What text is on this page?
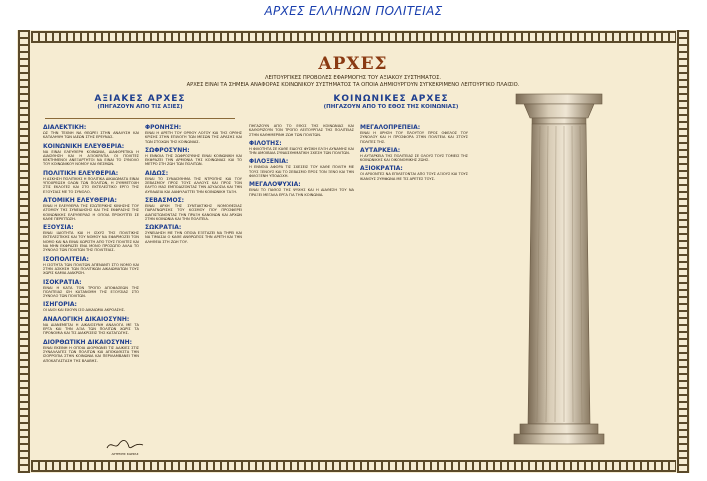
ΑΡΧΕΣ ΕΛΛΗΝΩΝ ΠΟΛΙΤΕΙΑΣ
ΑΡΧΕΣ
ΛΕΙΤΟΥΡΓΙΚΕΣ ΠΡΟΒΟΛΕΣ ΕΦΑΡΜΟΓΗΣ ΤΟΥ ΑΞΙΑΚΟΥ ΣΥΣΤΗΜΑΤΟΣ.
ΑΡΧΕΣ ΕΙΝΑΙ ΤΑ ΣΗΜΕΙΑ ΑΝΑΦΟΡΑΣ ΚΟΙΝΩΝΙΚΟΥ ΣΥΣΤΗΜΑΤΟΣ ΤΑ ΟΠΟΙΑ ΔΗΜΙΟΥΡΓΟΥΝ ΣΥΓΚΕΚΡΙΜΕΝΟ ΛΕΙΤΟΥΡΓΙΚΟ ΠΛΑΙΣΙΟ.
ΑΞΙΑΚΕΣ ΑΡΧΕΣ
(ΠΗΓΑΖΟΥΝ ΑΠΟ ΤΙΣ ΑΞΙΕΣ)
ΚΟΙΝΩΝΙΚΕΣ ΑΡΧΕΣ
(ΠΗΓΑΖΟΥΝ ΑΠΟ ΤΟ ΕΘΟΣ ΤΗΣ ΚΟΙΝΩΝΙΑΣ)
ΔΙΑΛΕΚΤΙΚΗ:
ΩΣ ΤΗΝ ΤΕΧΝΗ ΝΑ ΘΕΩΡΕΙ ΣΤΗΝ ΑΝΑΛΥΣΗ ΚΑΙ ΚΑΤΑΛΗΨΗ ΤΩΝ ΙΔΕΩΝ ΣΤΗΣ ΕΡΕΥΝΑΣ.
ΚΟΙΝΩΝΙΚΗ ΕΛΕΥΘΕΡΙΑ:
ΝΑ ΕΙΝΑΙ ΕΛΕΥΘΕΡΗ ΚΟΙΝΩΝΙΑ, ΔΙΑΦΟΡΕΤΙΚΑ Η ΔΙΑΙΣΘΗΣΗ ΚΑΙ Η ΑΞΙΟΚΡΑΤΙΑ ΟΙ ΠΟΛΙΤΕΣ ΚΕΚΤΗΜΕΝΟΙ ΑΝΕΞΑΡΤΗΤΟΙ ΝΑ ΕΙΝΑΙ ΤΟ ΣΥΝΟΛΟ ΤΟΥ ΚΟΙΝΩΝΙΚΟΥ ΝΟΜΟΥ ΚΑΙ ΘΕΣΜΩΝ.
ΠΟΛΙΤΙΚΗ ΕΛΕΥΘΕΡΙΑ:
Η ΑΣΚΗΣΗ ΠΟΛΙΤΙΚΗΣ Η ΠΟΛΙΤΙΚΑ ΔΙΚΑΙΩΜΑΤΑ ΕΙΝΑΙ ΥΠΟΧΡΕΩΣΗ ΟΛΩΝ ΤΩΝ ΠΟΛΙΤΩΝ, Η ΣΥΜΜΕΤΟΧΗ ΣΤΙΣ ΕΚΛΟΓΕΣ ΚΑΙ ΣΤΟ ΕΚΤΕΛΕΣΤΙΚΟ ΕΡΓΟ ΤΗΣ ΕΞΟΥΣΙΑΣ ΜΕ ΤΟ ΣΥΝΟΛΟ.
ΑΤΟΜΙΚΗ ΕΛΕΥΘΕΡΙΑ:
ΕΙΝΑΙ Η ΕΛΕΥΘΕΡΙΑ ΤΗΣ ΕΣΩΤΕΡΙΚΗΣ ΚΙΝΗΣΗΣ ΤΟΥ ΑΤΟΜΟΥ ΤΗΣ ΣΥΝΕΙΔΗΣΗΣ ΚΑΙ ΤΗΣ ΕΚΦΡΑΣΗΣ ΤΗΣ ΚΟΙΝΩΝΙΚΗΣ ΕΛΕΥΘΕΡΙΑΣ Η ΟΠΟΙΑ ΠΡΟΚΥΠΤΕΙ ΣΕ ΚΑΘΕ ΠΕΡΙΠΤΩΣΗ.
ΕΞΟΥΣΙΑ:
ΕΙΝΑΙ ΙΔΙΟΤΗΤΑ ΚΑΙ Η ΙΣΧΥΣ ΤΗΣ ΠΟΛΙΤΙΚΗΣ ΕΚΤΕΛΕΣΤΙΚΗΣ ΚΑΙ ΤΟΥ ΝΟΜΟΥ ΝΑ ΕΦΑΡΜΟΖΕΙ ΤΟΝ ΝΟΜΟ ΚΑΙ ΝΑ ΕΙΝΑΙ ΧΩΡΙΣΤΗ ΑΠΟ ΤΟΥΣ ΠΟΛΙΤΕΣ ΚΑΙ ΝΑ ΜΗΝ ΕΚΦΡΑΖΕΙ ΕΝΑ ΜΟΝΟ ΠΡΟΣΩΠΟ ΑΛΛΑ ΤΟ ΣΥΝΟΛΟ ΤΩΝ ΠΟΛΙΤΩΝ ΤΗΣ ΠΟΛΙΤΕΙΑΣ.
ΙΣΟΠΟΛΙΤΕΙΑ:
Η ΙΣΟΤΗΤΑ ΤΩΝ ΠΟΛΙΤΩΝ ΑΠΕΝΑΝΤΙ ΣΤΟ ΝΟΜΟ ΚΑΙ ΣΤΗΝ ΑΣΚΗΣΗ ΤΩΝ ΠΟΛΙΤΙΚΩΝ ΔΙΚΑΙΩΜΑΤΩΝ ΤΟΥΣ ΧΩΡΙΣ ΚΑΜΙΑ ΔΙΑΚΡΙΣΗ.
ΙΣΟΚΡΑΤΙΑ:
ΕΙΝΑΙ Η ΚΑΤΑ ΤΟΝ ΤΡΟΠΟ ΑΠΟΦΑΣΕΩΝ ΤΗΣ ΠΟΛΙΤΕΙΑΣ ΙΣΗ ΚΑΤΑΝΟΜΗ ΤΗΣ ΕΞΟΥΣΙΑΣ ΣΤΟ ΣΥΝΟΛΟ ΤΩΝ ΠΟΛΙΤΩΝ.
ΙΣΗΓΟΡΙΑ:
ΟΙ ΙΔΙΟΙ ΚΑΙ ΕΧΟΥΝ ΙΣΟ ΔΙΚΑΙΩΜΑ ΑΚΡΟΑΣΗΣ.
ΑΝΑΛΟΓΙΚΗ ΔΙΚΑΙΟΣΥΝΗ:
ΝΑ ΔΙΑΝΕΜΕΤΑΙ Η ΔΙΚΑΙΟΣΥΝΗ ΑΝΑΛΟΓΑ ΜΕ ΤΑ ΕΡΓΑ ΚΑΙ ΤΗΝ ΑΞΙΑ ΤΩΝ ΠΟΛΙΤΩΝ ΧΩΡΙΣ ΤΑ ΠΡΟΝΟΜΙΑ ΚΑΙ ΤΙΣ ΔΙΑΚΡΙΣΕΙΣ ΤΗΣ ΚΑΤΑΓΩΓΗΣ.
ΔΙΟΡΘΩΤΙΚΗ ΔΙΚΑΙΟΣΥΝΗ:
ΕΙΝΑΙ ΕΚΕΙΝΗ Η ΟΠΟΙΑ ΔΙΟΡΘΩΝΕΙ ΤΙΣ ΑΔΙΚΙΕΣ ΣΤΙΣ ΣΥΝΑΛΛΑΓΕΣ ΤΩΝ ΠΟΛΙΤΩΝ ΚΑΙ ΑΠΟΚΑΘΙΣΤΑ ΤΗΝ ΙΣΟΡΡΟΠΙΑ ΣΤΗΝ ΚΟΙΝΩΝΙΑ ΚΑΙ ΠΕΡΙΛΑΜΒΑΝΕΙ ΤΗΝ ΑΠΟΚΑΤΑΣΤΑΣΗ ΤΗΣ ΒΛΑΒΗΣ.
ΦΡΟΝΗΣΗ:
ΕΙΝΑΙ Η ΑΡΕΤΗ ΤΟΥ ΟΡΘΟΥ ΛΟΓΟΥ ΚΑΙ ΤΗΣ ΟΡΘΗΣ ΚΡΙΣΗΣ ΣΤΗΝ ΕΠΙΛΟΓΗ ΤΩΝ ΜΕΣΩΝ ΤΗΣ ΔΡΑΣΗΣ ΚΑΙ ΤΩΝ ΣΤΟΧΩΝ ΤΗΣ ΚΟΙΝΩΝΙΑΣ.
ΣΩΦΡΟΣΥΝΗ:
Η ΕΝΝΟΙΑ ΤΗΣ ΣΩΦΡΟΣΥΝΗΣ ΕΙΝΑΙ ΚΟΙΝΩΝΙΚΗ ΚΑΙ ΕΚΦΡΑΖΕΙ ΤΗΝ ΑΡΜΟΝΙΑ ΤΗΣ ΚΟΙΝΩΝΙΑΣ ΚΑΙ ΤΟ ΜΕΤΡΟ ΣΤΗ ΖΩΗ ΤΩΝ ΠΟΛΙΤΩΝ.
ΑΙΔΩΣ:
ΕΙΝΑΙ ΤΟ ΣΥΝΑΙΣΘΗΜΑ ΤΗΣ ΝΤΡΟΠΗΣ ΚΑΙ ΤΟΥ ΣΕΒΑΣΜΟΥ ΠΡΟΣ ΤΟΥΣ ΑΛΛΟΥΣ ΚΑΙ ΠΡΟΣ ΤΟΝ ΕΑΥΤΟ ΜΑΣ ΕΜΠΟΔΙΖΟΝΤΑΣ ΤΗΝ ΑΣΥΔΟΣΙΑ ΚΑΙ ΤΗΝ ΑΥΘΑΔΕΙΑ ΚΑΙ ΔΙΑΦΥΛΑΤΤΕΙ ΤΗΝ ΚΟΙΝΩΝΙΚΗ ΤΑΞΗ.
ΣΕΒΑΣΜΟΣ:
ΕΙΝΑΙ ΑΡΧΗ ΤΗΣ ΣΥΝΤΑΚΤΙΚΗΣ ΝΟΜΟΘΕΣΙΑΣ ΠΑΡΑΓΝΩΡΙΣΗΣ ΤΟΥ ΚΟΣΜΟΥ ΠΟΥ ΠΡΟΣΦΕΡΕΙ ΔΙΑΠΙΣΤΩΝΟΝΤΑΣ ΤΗΝ ΠΡΑΞΗ ΚΑΝΟΝΩΝ ΚΑΙ ΑΡΧΩΝ ΣΤΗΝ ΚΟΙΝΩΝΙΑ ΚΑΙ ΤΗΝ ΠΟΛΙΤΕΙΑ.
ΣΩΚΡΑΤΙΑ:
ΣΥΝΕΙΔΗΣΗ ΜΕ ΤΗΝ ΟΠΟΙΑ ΕΞΕΤΑΖΕΙ ΝΑ ΤΗΡΕΙ ΚΑΙ ΝΑ ΤΙΜΑΣΑΙ Ο ΚΑΘΕ ΑΝΘΡΩΠΟΣ ΤΗΝ ΑΡΕΤΗ ΚΑΙ ΤΗΝ ΑΛΗΘΕΙΑ ΣΤΗ ΖΩΗ ΤΟΥ.
ΠΗΓΑΖΟΥΝ ΑΠΟ ΤΟ ΕΘΟΣ ΤΗΣ ΚΟΙΝΩΝΙΑΣ ΚΑΙ ΚΑΘΟΡΙΖΟΥΝ ΤΟΝ ΤΡΟΠΟ ΛΕΙΤΟΥΡΓΙΑΣ ΤΗΣ ΠΟΛΙΤΕΙΑΣ ΣΤΗΝ ΚΑΘΗΜΕΡΙΝΗ ΖΩΗ ΤΩΝ ΠΟΛΙΤΩΝ.
ΦΙΛΟΤΗΣ:
Η ΦΙΛΟΤΗΤΑ ΣΕ ΚΑΘΕ ΕΙΔΟΥΣ ΦΥΣΙΚΗ ΕΛΞΗ ΔΥΝΑΜΗΣ ΚΑΙ ΤΗΝ ΑΜΟΙΒΑΙΑ ΣΥΝΑΙΣΘΗΜΑΤΙΚΗ ΣΧΕΣΗ ΤΩΝ ΠΟΛΙΤΩΝ.
ΦΙΛΟΞΕΝΙΑ:
Η ΕΝΝΟΙΑ ΑΦΟΡΑ ΤΙΣ ΣΧΕΣΕΙΣ ΤΟΥ ΚΑΘΕ ΠΟΛΙΤΗ ΜΕ ΤΟΥΣ ΞΕΝΟΥΣ ΚΑΙ ΤΟ ΣΕΒΑΣΜΟ ΠΡΟΣ ΤΟΝ ΞΕΝΟ ΚΑΙ ΤΗΝ ΦΙΛΟΞΕΝΗ ΥΠΟΔΟΧΗ.
ΜΕΓΑΛΟΨΥΧΙΑ:
ΕΙΝΑΙ ΤΟ ΠΑΘΟΣ ΤΗΣ ΨΥΧΗΣ ΚΑΙ Η ΔΙΑΘΕΣΗ ΤΟΥ ΝΑ ΠΡΑΞΕΙ ΜΕΓΑΛΑ ΕΡΓΑ ΓΙΑ ΤΗΝ ΚΟΙΝΩΝΙΑ.
ΜΕΓΑΛΟΠΡΕΠΕΙΑ:
ΕΙΝΑΙ Η ΧΡΗΣΗ ΤΟΥ ΠΛΟΥΤΟΥ ΠΡΟΣ ΟΦΕΛΟΣ ΤΟΥ ΣΥΝΟΛΟΥ ΚΑΙ Η ΠΡΟΣΦΟΡΑ ΣΤΗΝ ΠΟΛΙΤΕΙΑ ΚΑΙ ΣΤΟΥΣ ΠΟΛΙΤΕΣ ΤΗΣ.
ΑΥΤΑΡΚΕΙΑ:
Η ΑΥΤΑΡΚΕΙΑ ΤΗΣ ΠΟΛΙΤΕΙΑΣ ΣΕ ΟΛΟΥΣ ΤΟΥΣ ΤΟΜΕΙΣ ΤΗΣ ΚΟΙΝΩΝΙΚΗΣ ΚΑΙ ΟΙΚΟΝΟΜΙΚΗΣ ΖΩΗΣ.
ΑΞΙΟΚΡΑΤΙΑ:
ΟΙ ΑΡΧΟΝΤΕΣ ΝΑ ΕΠΙΛΕΓΟΝΤΑΙ ΑΠΟ ΤΟΥΣ ΑΞΙΟΥΣ ΚΑΙ ΤΟΥΣ ΙΚΑΝΟΥΣ ΣΥΜΦΩΝΑ ΜΕ ΤΙΣ ΑΡΕΤΕΣ ΤΟΥΣ.
ΑΡΤΕΜΗΣ ΣΩΡΡΑΣ
